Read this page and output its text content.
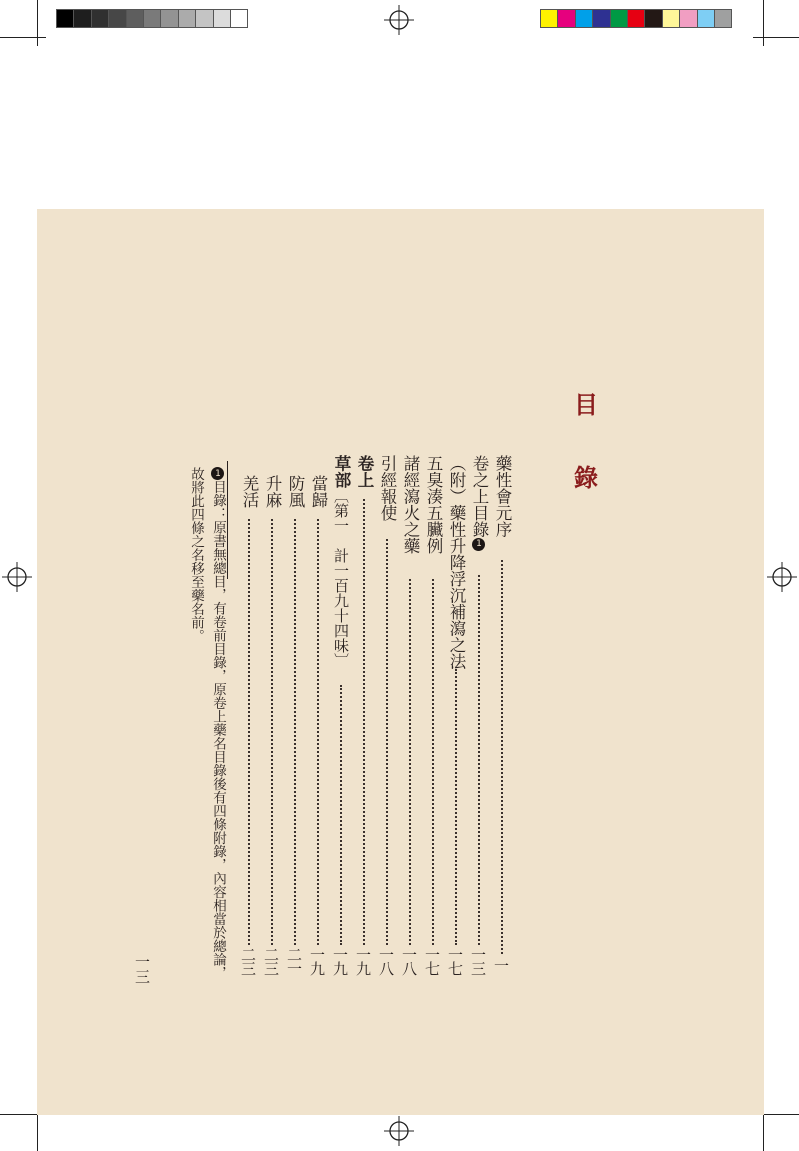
目
錄
藥性會元序
一
卷之上目錄1
一三
（附）藥性升降浮沉補瀉之法
一七
五臭湊五臟例
一七
諸經瀉火之藥
一八
引經報使
一八
卷上
一九
草部〔第一　計一百九十四味〕
一九
當歸
一九
防風
二一
升麻
二三
羌活
二三
1目錄：原書無總目，有卷前目錄，原卷上藥名目錄後有四條附錄，內容相當於總論，
故將此四條之名移至藥名前。
一三
